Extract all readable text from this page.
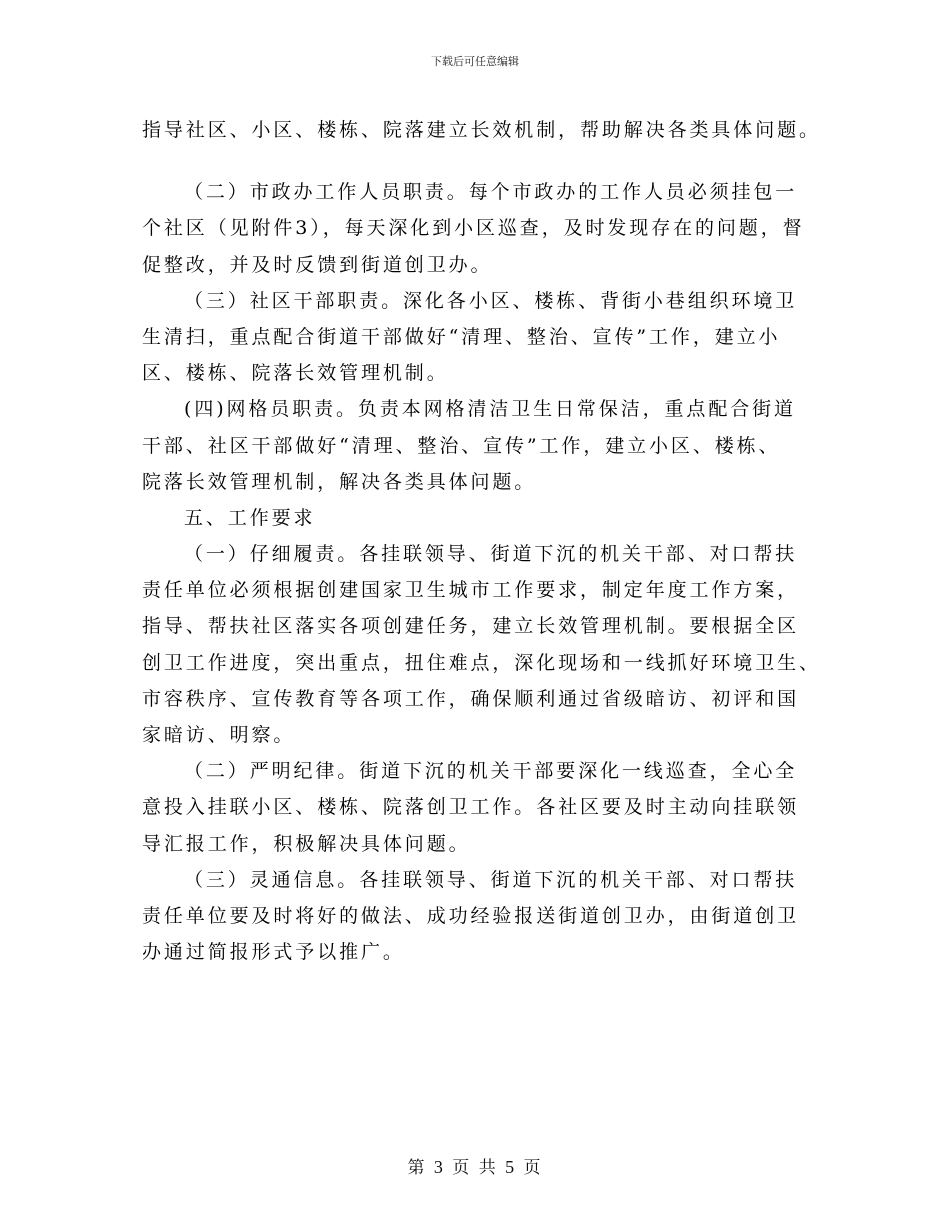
下载后可任意编辑
指导社区、小区、楼栋、院落建立长效机制，帮助解决各类具体问题。
（二）市政办工作人员职责。每个市政办的工作人员必须挂包一
个社区（见附件3），每天深化到小区巡查，及时发现存在的问题，督
促整改，并及时反馈到街道创卫办。
（三）社区干部职责。深化各小区、楼栋、背街小巷组织环境卫
生清扫，重点配合街道干部做好“清理、整治、宣传”工作，建立小
区、楼栋、院落长效管理机制。
(四)网格员职责。负责本网格清洁卫生日常保洁，重点配合街道
干部、社区干部做好“清理、整治、宣传”工作，建立小区、楼栋、
院落长效管理机制，解决各类具体问题。
五、工作要求
（一）仔细履责。各挂联领导、街道下沉的机关干部、对口帮扶
责任单位必须根据创建国家卫生城市工作要求，制定年度工作方案，
指导、帮扶社区落实各项创建任务，建立长效管理机制。要根据全区
创卫工作进度，突出重点，扭住难点，深化现场和一线抓好环境卫生、
市容秩序、宣传教育等各项工作，确保顺利通过省级暗访、初评和国
家暗访、明察。
（二）严明纪律。街道下沉的机关干部要深化一线巡查，全心全
意投入挂联小区、楼栋、院落创卫工作。各社区要及时主动向挂联领
导汇报工作，积极解决具体问题。
（三）灵通信息。各挂联领导、街道下沉的机关干部、对口帮扶
责任单位要及时将好的做法、成功经验报送街道创卫办，由街道创卫
办通过简报形式予以推广。
第 3 页 共 5 页
